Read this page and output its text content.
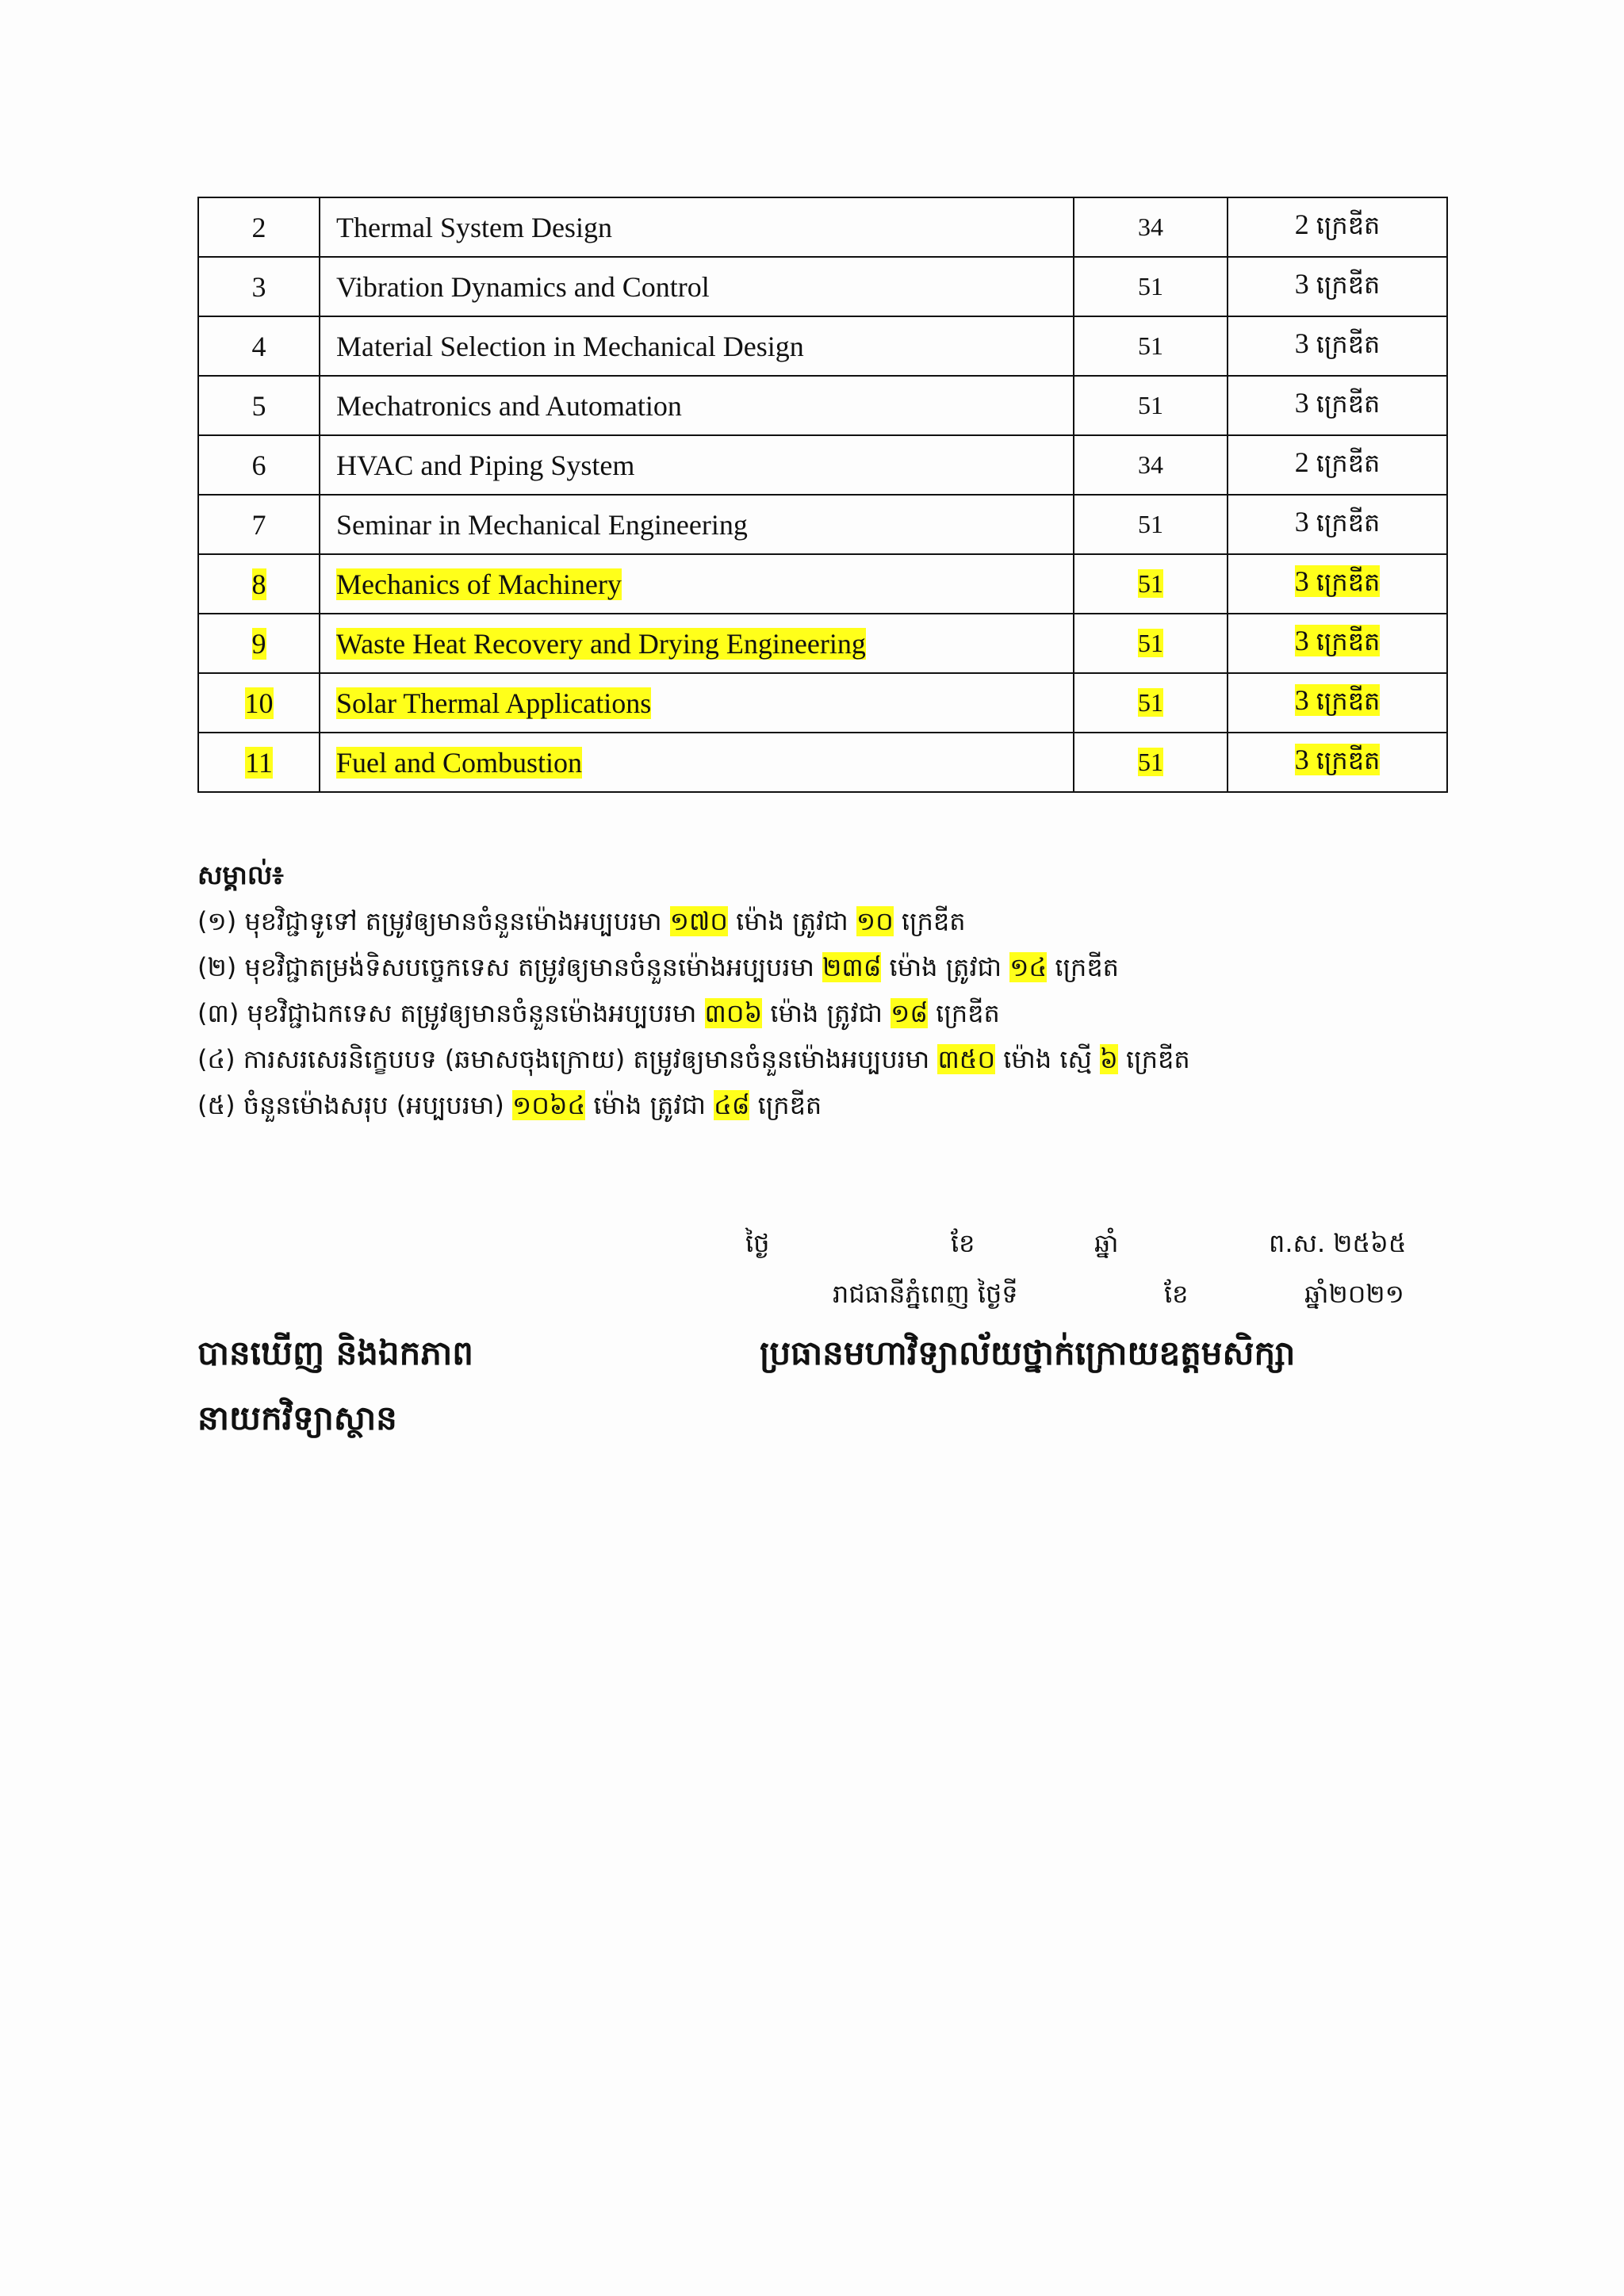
2	Thermal System Design	34	2 ក្រេឌីត
3	Vibration Dynamics and Control	51	3 ក្រេឌីត
4	Material Selection in Mechanical Design	51	3 ក្រេឌីត
5	Mechatronics and Automation	51	3 ក្រេឌីត
6	HVAC and Piping System	34	2 ក្រេឌីត
7	Seminar in Mechanical Engineering	51	3 ក្រេឌីត
8	Mechanics of Machinery	51	3 ក្រេឌីត
9	Waste Heat Recovery and Drying Engineering	51	3 ក្រេឌីត
10	Solar Thermal Applications	51	3 ក្រេឌីត
11	Fuel and Combustion	51	3 ក្រេឌីត
សម្គាល់៖
(១) មុខវិជ្ជាទូទៅ តម្រូវឲ្យមានចំនួនម៉ោងអប្បបរមា ១៧០ ម៉ោង ត្រូវជា ១០ ក្រេឌីត
(២) មុខវិជ្ជាតម្រង់ទិសបច្ចេកទេស តម្រូវឲ្យមានចំនួនម៉ោងអប្បបរមា ២៣៨ ម៉ោង ត្រូវជា ១៤ ក្រេឌីត
(៣) មុខវិជ្ជាឯកទេស តម្រូវឲ្យមានចំនួនម៉ោងអប្បបរមា ៣០៦ ម៉ោង ត្រូវជា ១៨ ក្រេឌីត
(៤) ការសរសេរនិក្ខេបបទ (ឆមាសចុងក្រោយ) តម្រូវឲ្យមានចំនួនម៉ោងអប្បបរមា ៣៥០ ម៉ោង ស្មើ ៦ ក្រេឌីត
(៥) ចំនួនម៉ោងសរុប (អប្បបរមា) ១០៦៤ ម៉ោង ត្រូវជា ៤៨ ក្រេឌីត
ថ្ងៃ	ខែ	ឆ្នាំ	ព.ស. ២៥៦៥
រាជធានីភ្នំពេញ ថ្ងៃទី	ខែ	ឆ្នាំ២០២១
បានឃើញ និងឯកភាព
នាយកវិទ្យាស្ថាន
ប្រធានមហាវិទ្យាល័យថ្នាក់ក្រោយឧត្តមសិក្សា
